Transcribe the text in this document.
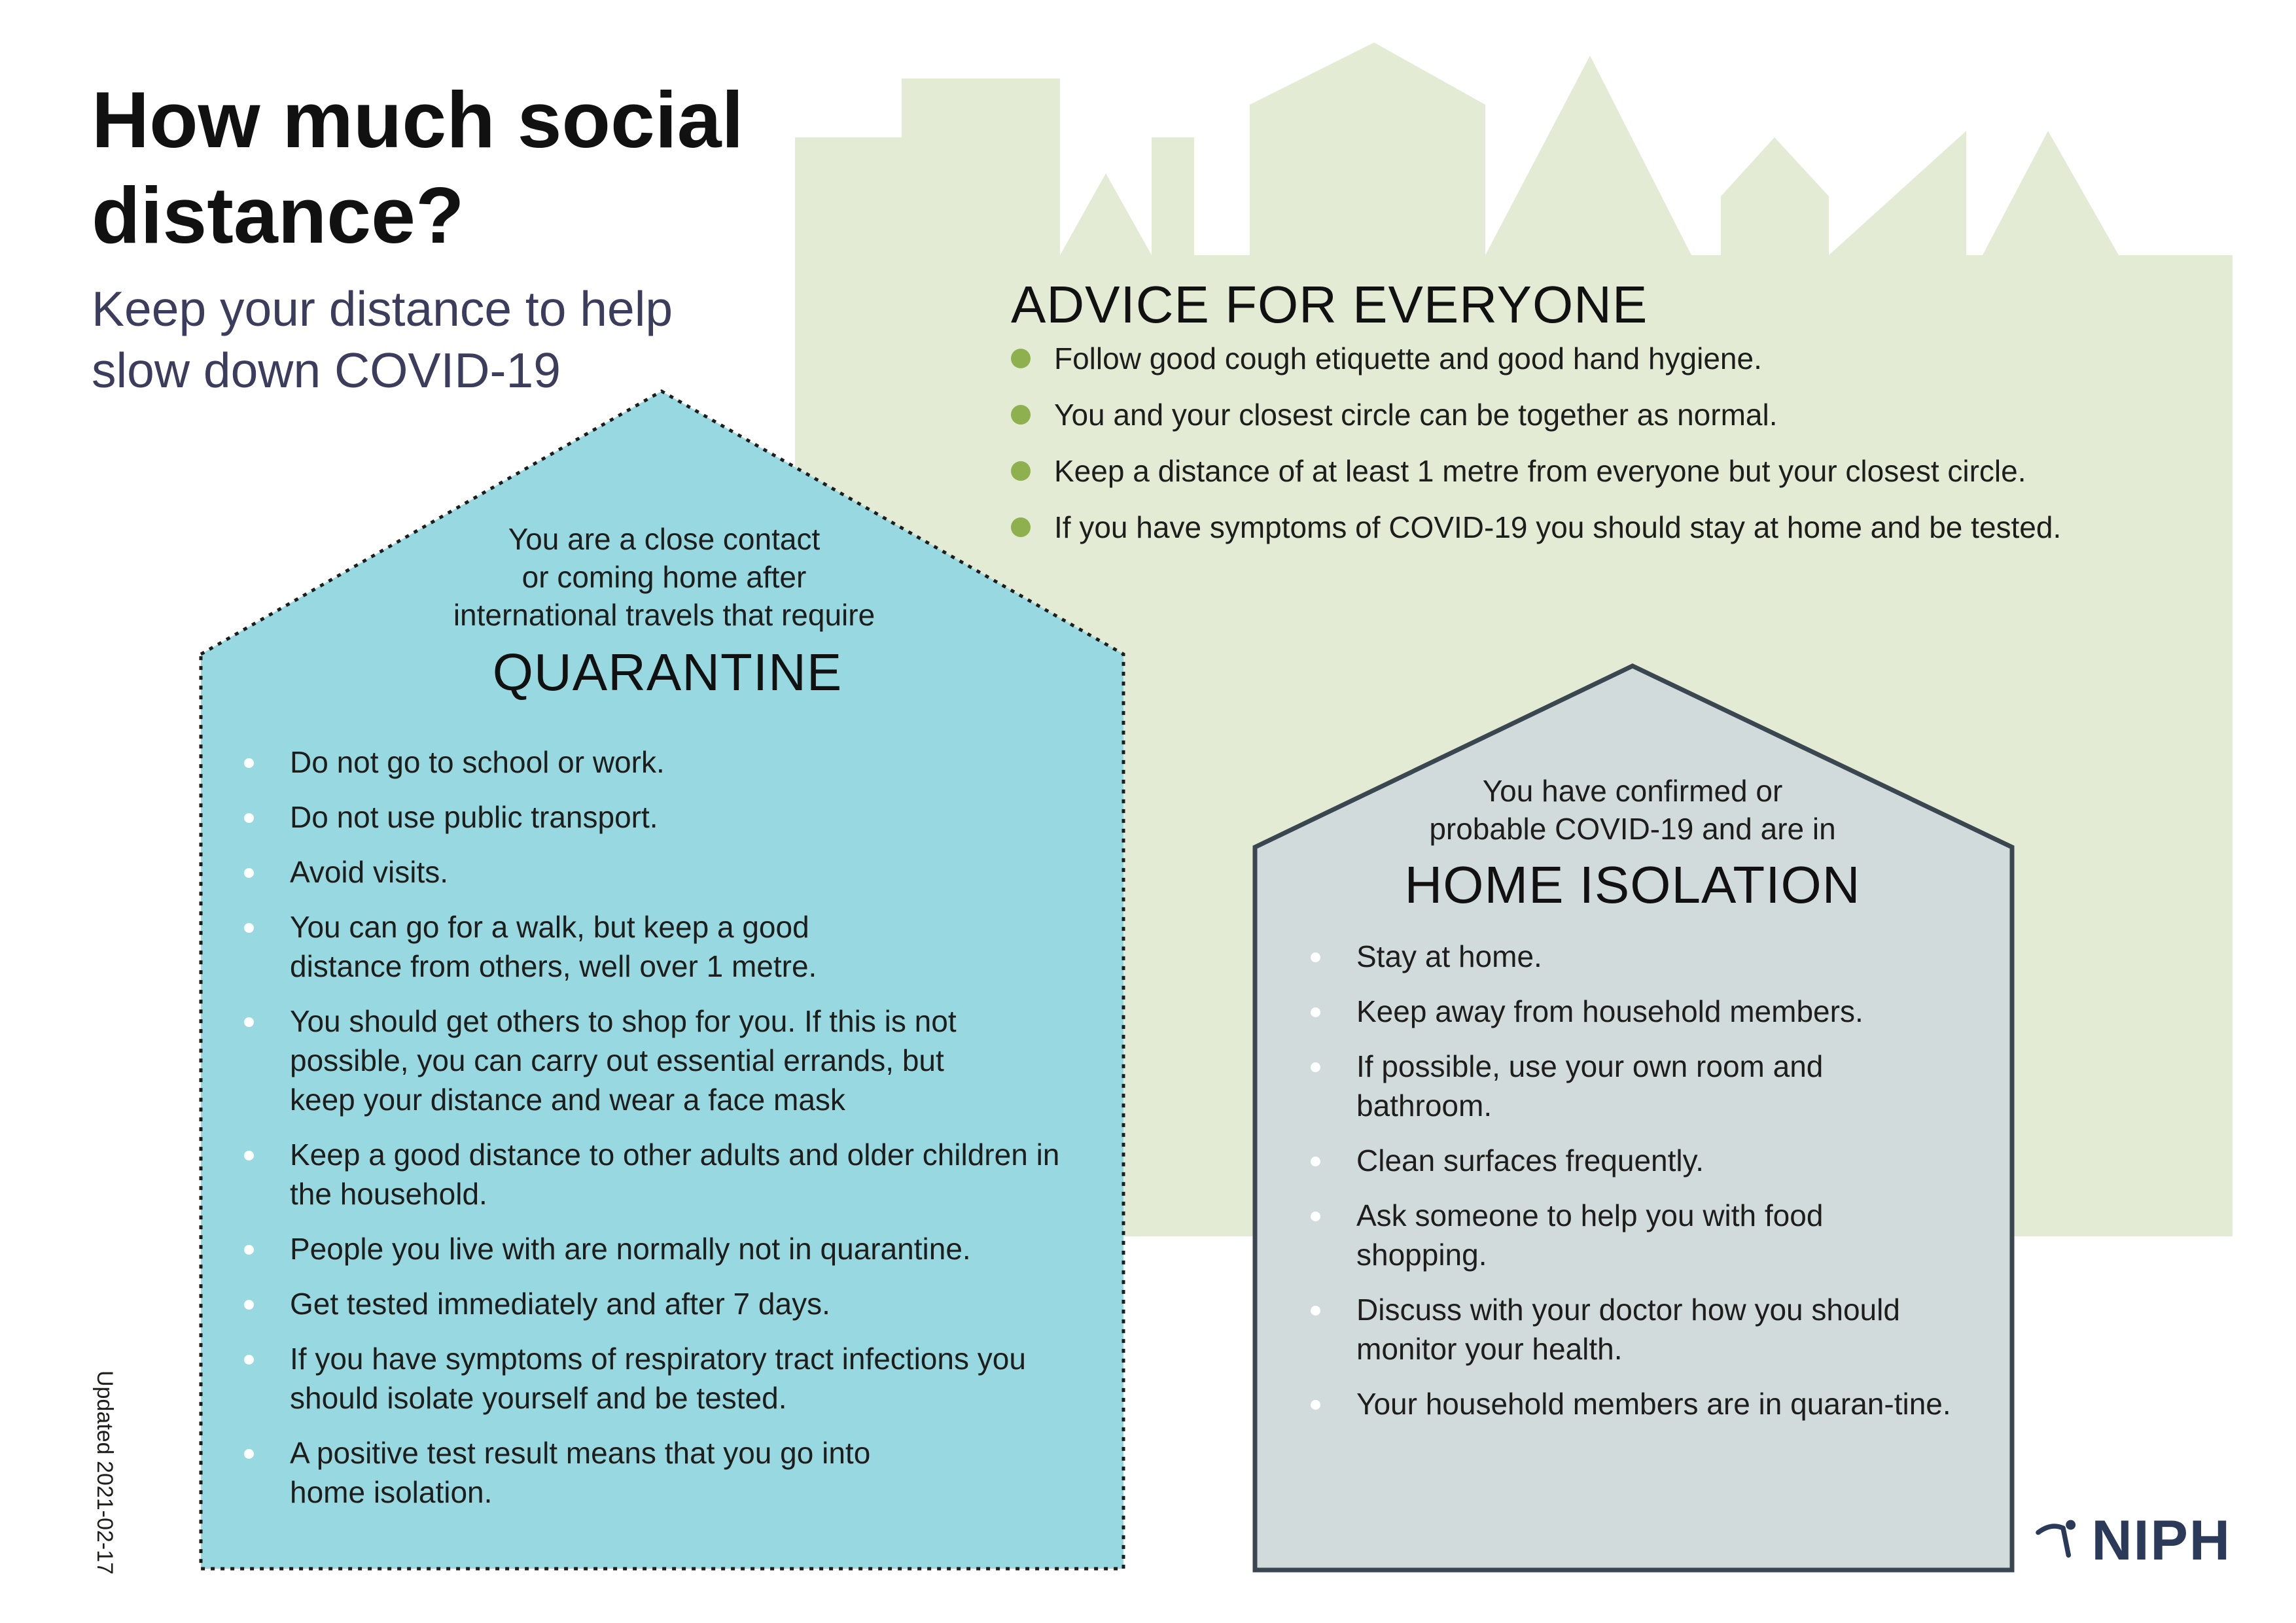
How much social distance?

Keep your distance to help slow down COVID-19

ADVICE FOR EVERYONE
Follow good cough etiquette and good hand hygiene.
You and your closest circle can be together as normal.
Keep a distance of at least 1 metre from everyone but your closest circle.
If you have symptoms of COVID-19 you should stay at home and be tested.
You are a close contact
or coming home after
international travels that require
QUARANTINE
Do not go to school or work.
Do not use public transport.
Avoid visits.
You can go for a walk, but keep a good distance from others, well over 1 metre.
You should get others to shop for you. If this is not possible, you can carry out essential errands, but keep your distance and wear a face mask
Keep a good distance to other adults and older children in the household.
People you live with are normally not in quarantine.
Get tested immediately and after 7 days.
If you have symptoms of respiratory tract infections you should isolate yourself and be tested.
A positive test result means that you go into home isolation.
You have confirmed or
probable COVID-19 and are in
HOME ISOLATION
Stay at home.
Keep away from household members.
If possible, use your own room and bathroom.
Clean surfaces frequently.
Ask someone to help you with food shopping.
Discuss with your doctor how you should monitor your health.
Your household members are in quaran-tine.
Updated 2021-02-17	NIPH
